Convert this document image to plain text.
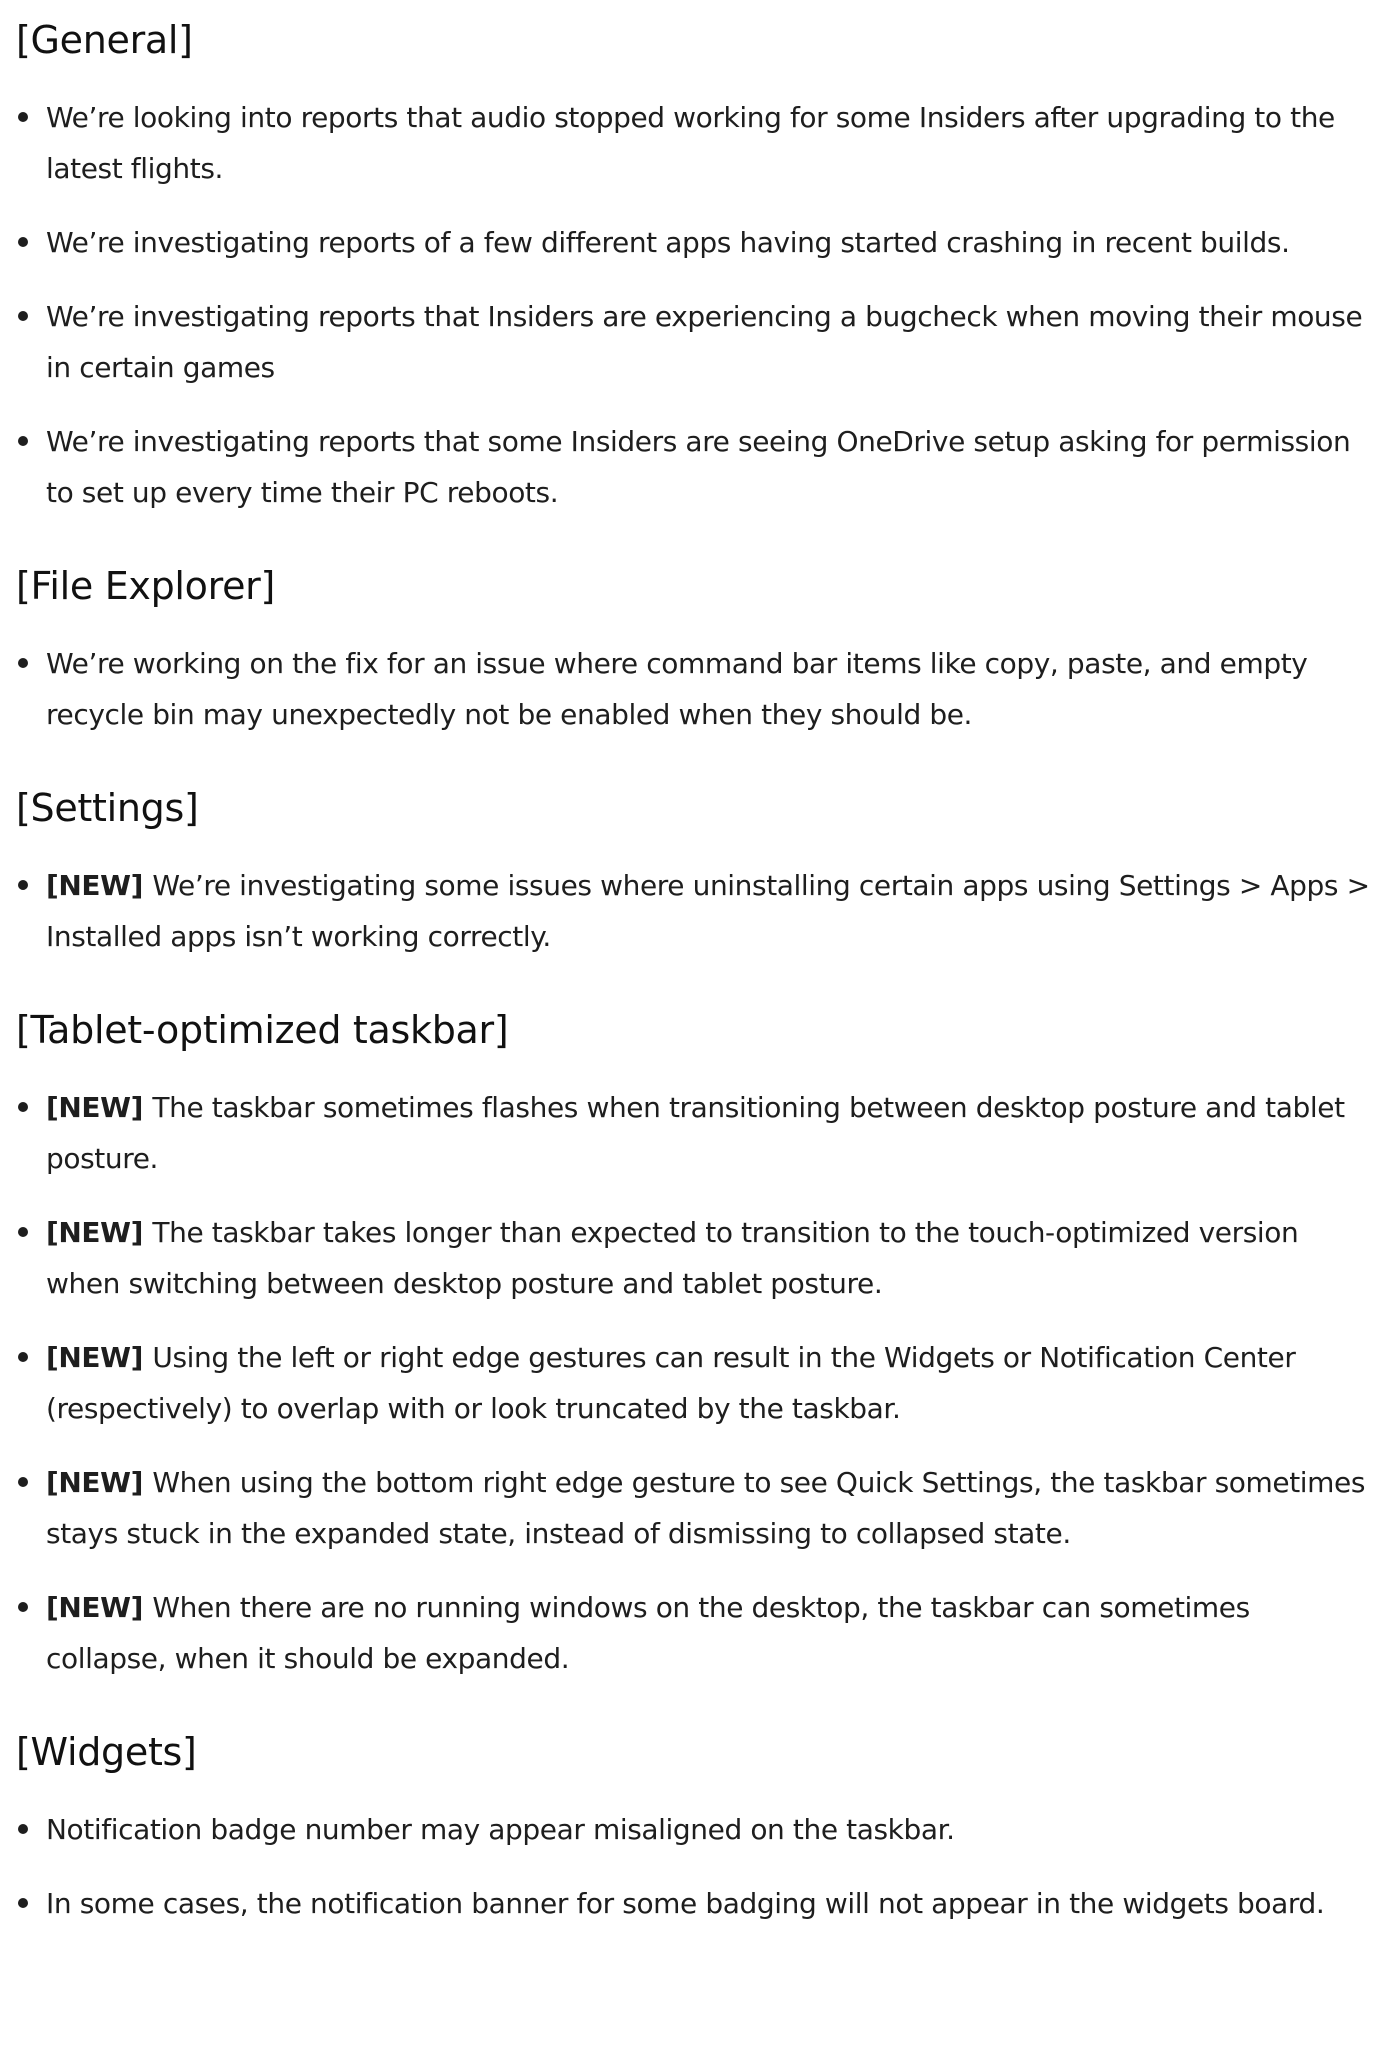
[General]
We’re looking into reports that audio stopped working for some Insiders after upgrading to the latest flights.
We’re investigating reports of a few different apps having started crashing in recent builds.
We’re investigating reports that Insiders are experiencing a bugcheck when moving their mouse in certain games
We’re investigating reports that some Insiders are seeing OneDrive setup asking for permission to set up every time their PC reboots.
[File Explorer]
We’re working on the fix for an issue where command bar items like copy, paste, and empty recycle bin may unexpectedly not be enabled when they should be.
[Settings]
[NEW] We’re investigating some issues where uninstalling certain apps using Settings > Apps > Installed apps isn’t working correctly.
[Tablet-optimized taskbar]
[NEW] The taskbar sometimes flashes when transitioning between desktop posture and tablet posture.
[NEW] The taskbar takes longer than expected to transition to the touch-optimized version when switching between desktop posture and tablet posture.
[NEW] Using the left or right edge gestures can result in the Widgets or Notification Center (respectively) to overlap with or look truncated by the taskbar.
[NEW] When using the bottom right edge gesture to see Quick Settings, the taskbar sometimes stays stuck in the expanded state, instead of dismissing to collapsed state.
[NEW] When there are no running windows on the desktop, the taskbar can sometimes collapse, when it should be expanded.
[Widgets]
Notification badge number may appear misaligned on the taskbar.
In some cases, the notification banner for some badging will not appear in the widgets board.
